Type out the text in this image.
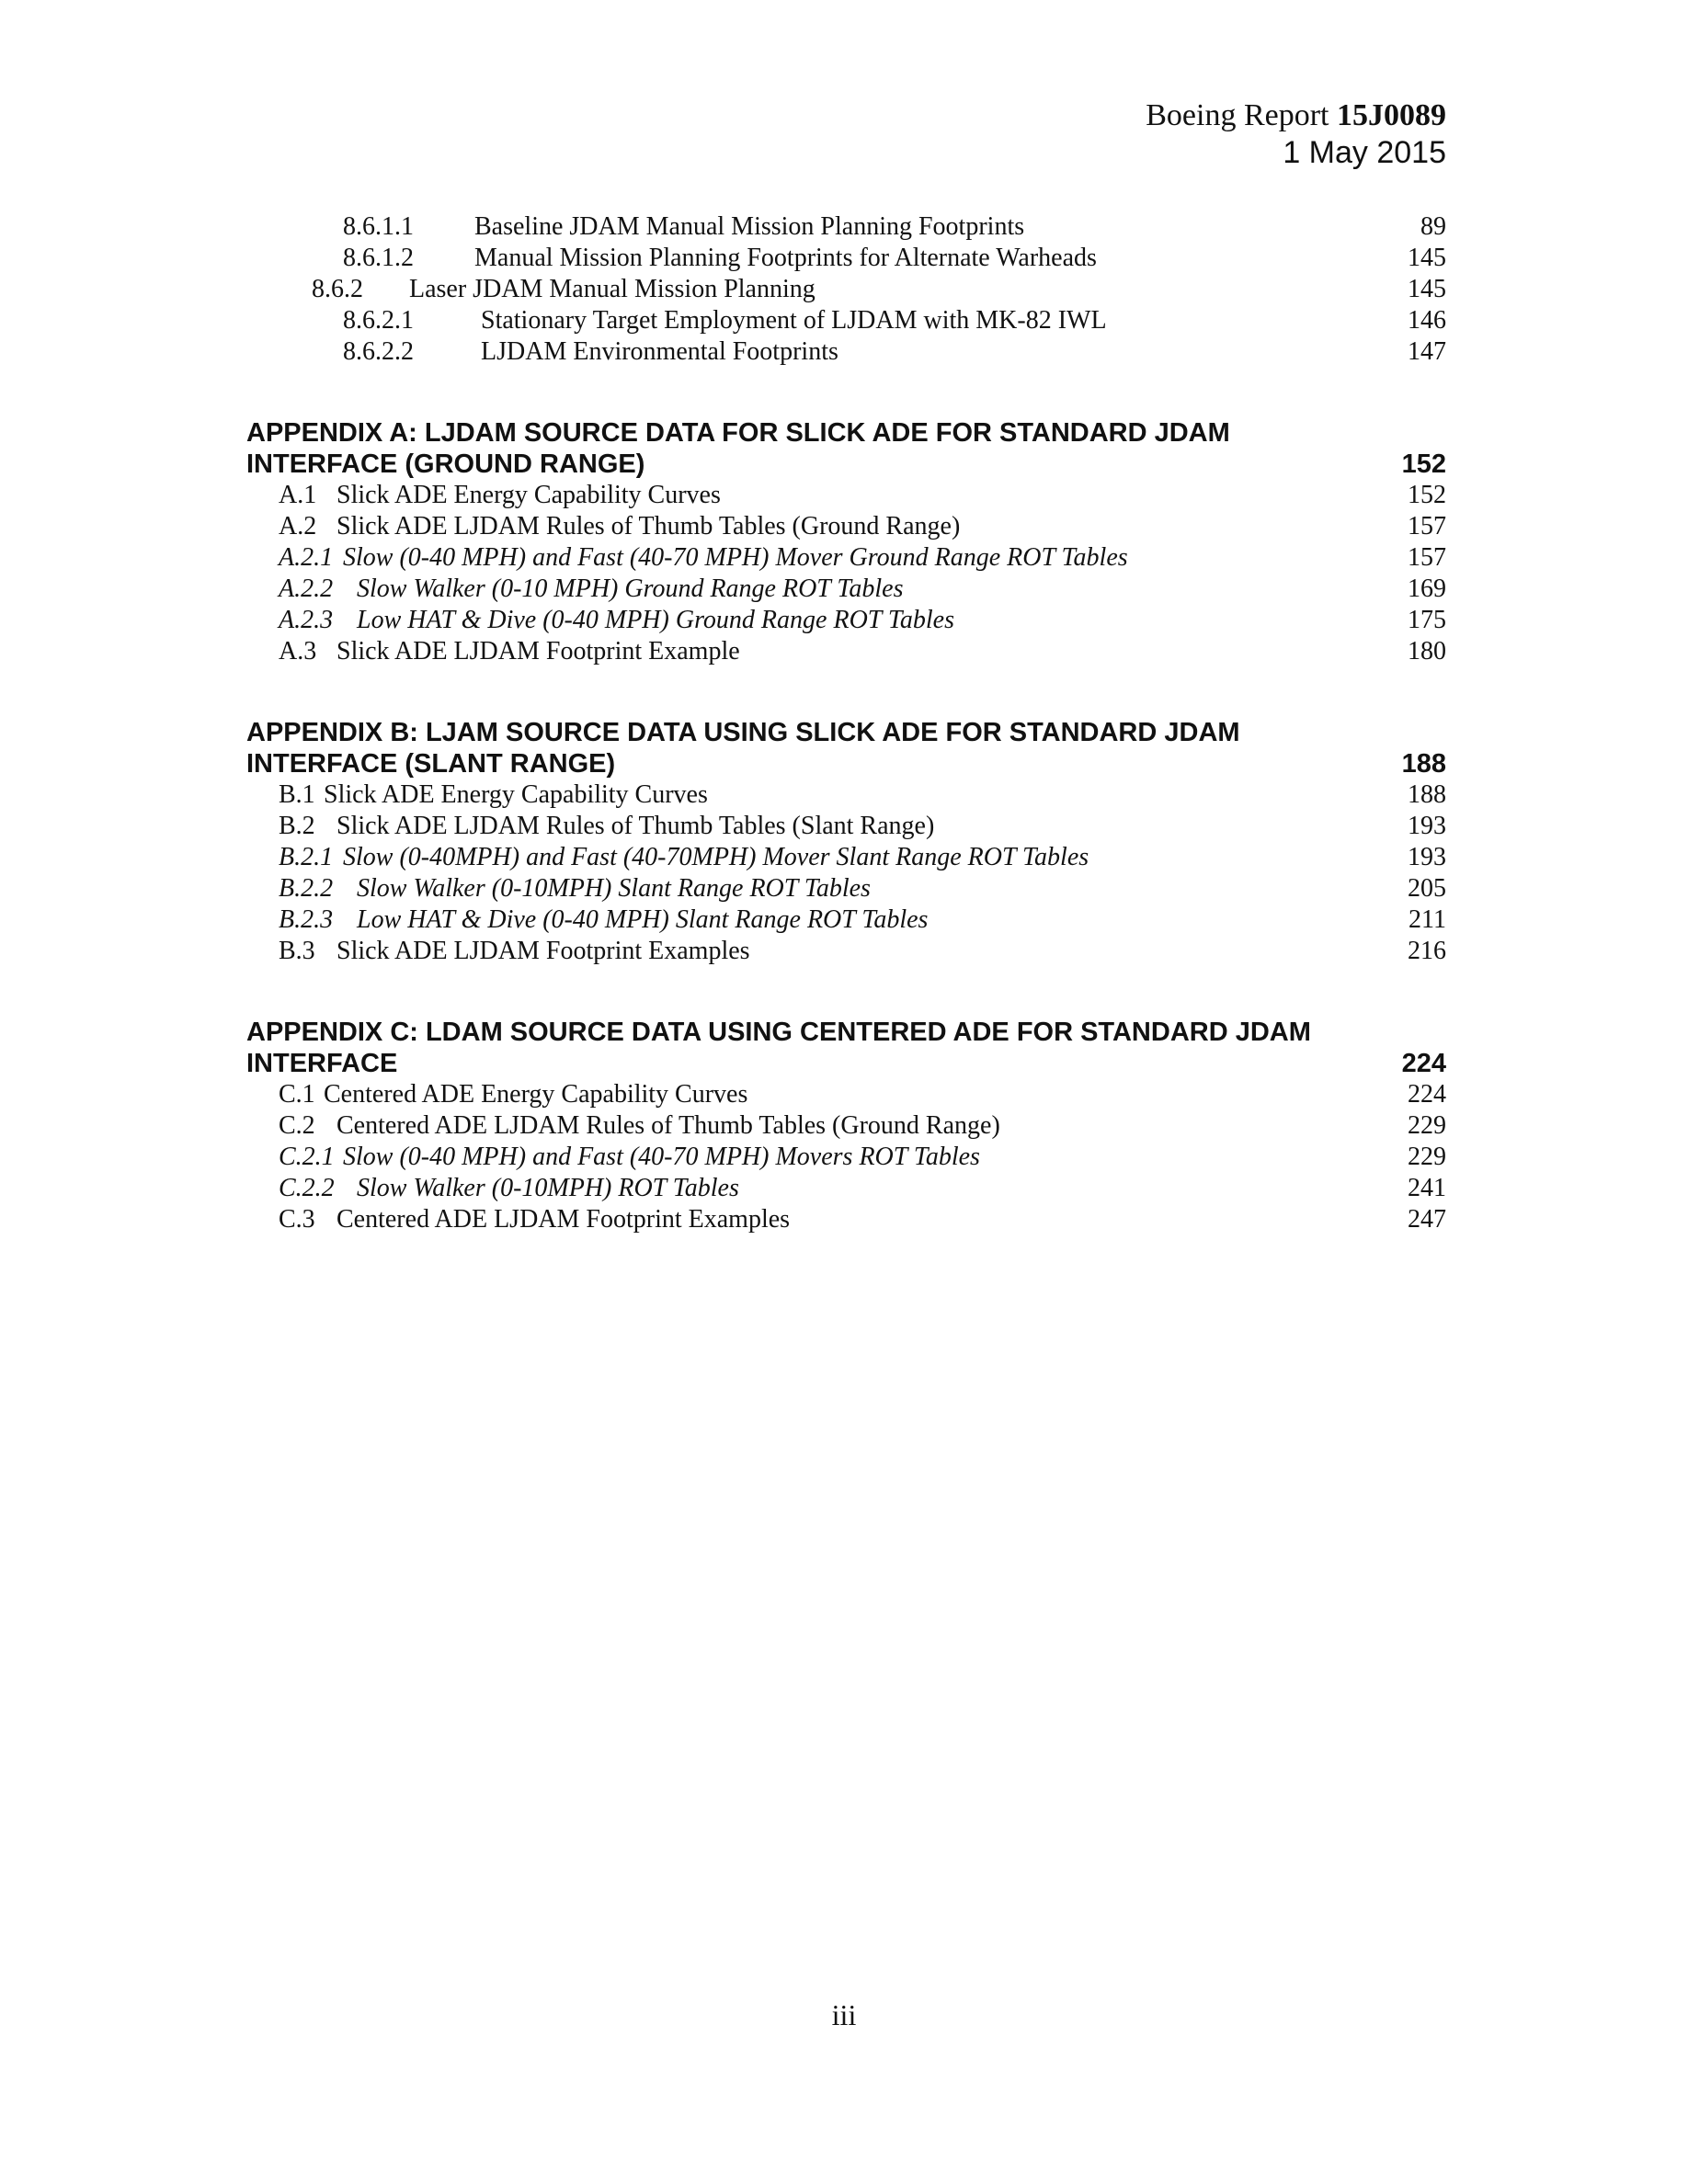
Boeing Report 15J0089
1 May 2015
8.6.1.1 Baseline JDAM Manual Mission Planning Footprints	89
8.6.1.2 Manual Mission Planning Footprints for Alternate Warheads	145
8.6.2 Laser JDAM Manual Mission Planning	145
8.6.2.1	Stationary Target Employment of LJDAM with MK-82 IWL	146
8.6.2.2	LJDAM Environmental Footprints	147
APPENDIX A: LJDAM SOURCE DATA FOR SLICK ADE FOR STANDARD JDAM
INTERFACE (GROUND RANGE)	152
A.1 Slick ADE Energy Capability Curves	152
A.2 Slick ADE LJDAM Rules of Thumb Tables (Ground Range)	157
A.2.1 Slow (0-40 MPH) and Fast (40-70 MPH) Mover Ground Range ROT Tables	157
A.2.2 Slow Walker (0-10 MPH) Ground Range ROT Tables	169
A.2.3 Low HAT & Dive (0-40 MPH) Ground Range ROT Tables	175
A.3 Slick ADE LJDAM Footprint Example	180
APPENDIX B: LJAM SOURCE DATA USING SLICK ADE FOR STANDARD JDAM
INTERFACE (SLANT RANGE)	188
B.1 Slick ADE Energy Capability Curves	188
B.2 Slick ADE LJDAM Rules of Thumb Tables (Slant Range)	193
B.2.1 Slow (0-40MPH) and Fast (40-70MPH) Mover Slant Range ROT Tables	193
B.2.2 Slow Walker (0-10MPH) Slant Range ROT Tables	205
B.2.3 Low HAT & Dive (0-40 MPH) Slant Range ROT Tables	211
B.3 Slick ADE LJDAM Footprint Examples	216
APPENDIX C: LDAM SOURCE DATA USING CENTERED ADE FOR STANDARD JDAM
INTERFACE	224
C.1 Centered ADE Energy Capability Curves	224
C.2 Centered ADE LJDAM Rules of Thumb Tables (Ground Range)	229
C.2.1 Slow (0-40 MPH) and Fast (40-70 MPH) Movers ROT Tables	229
C.2.2 Slow Walker (0-10MPH) ROT Tables	241
C.3 Centered ADE LJDAM Footprint Examples	247
iii
